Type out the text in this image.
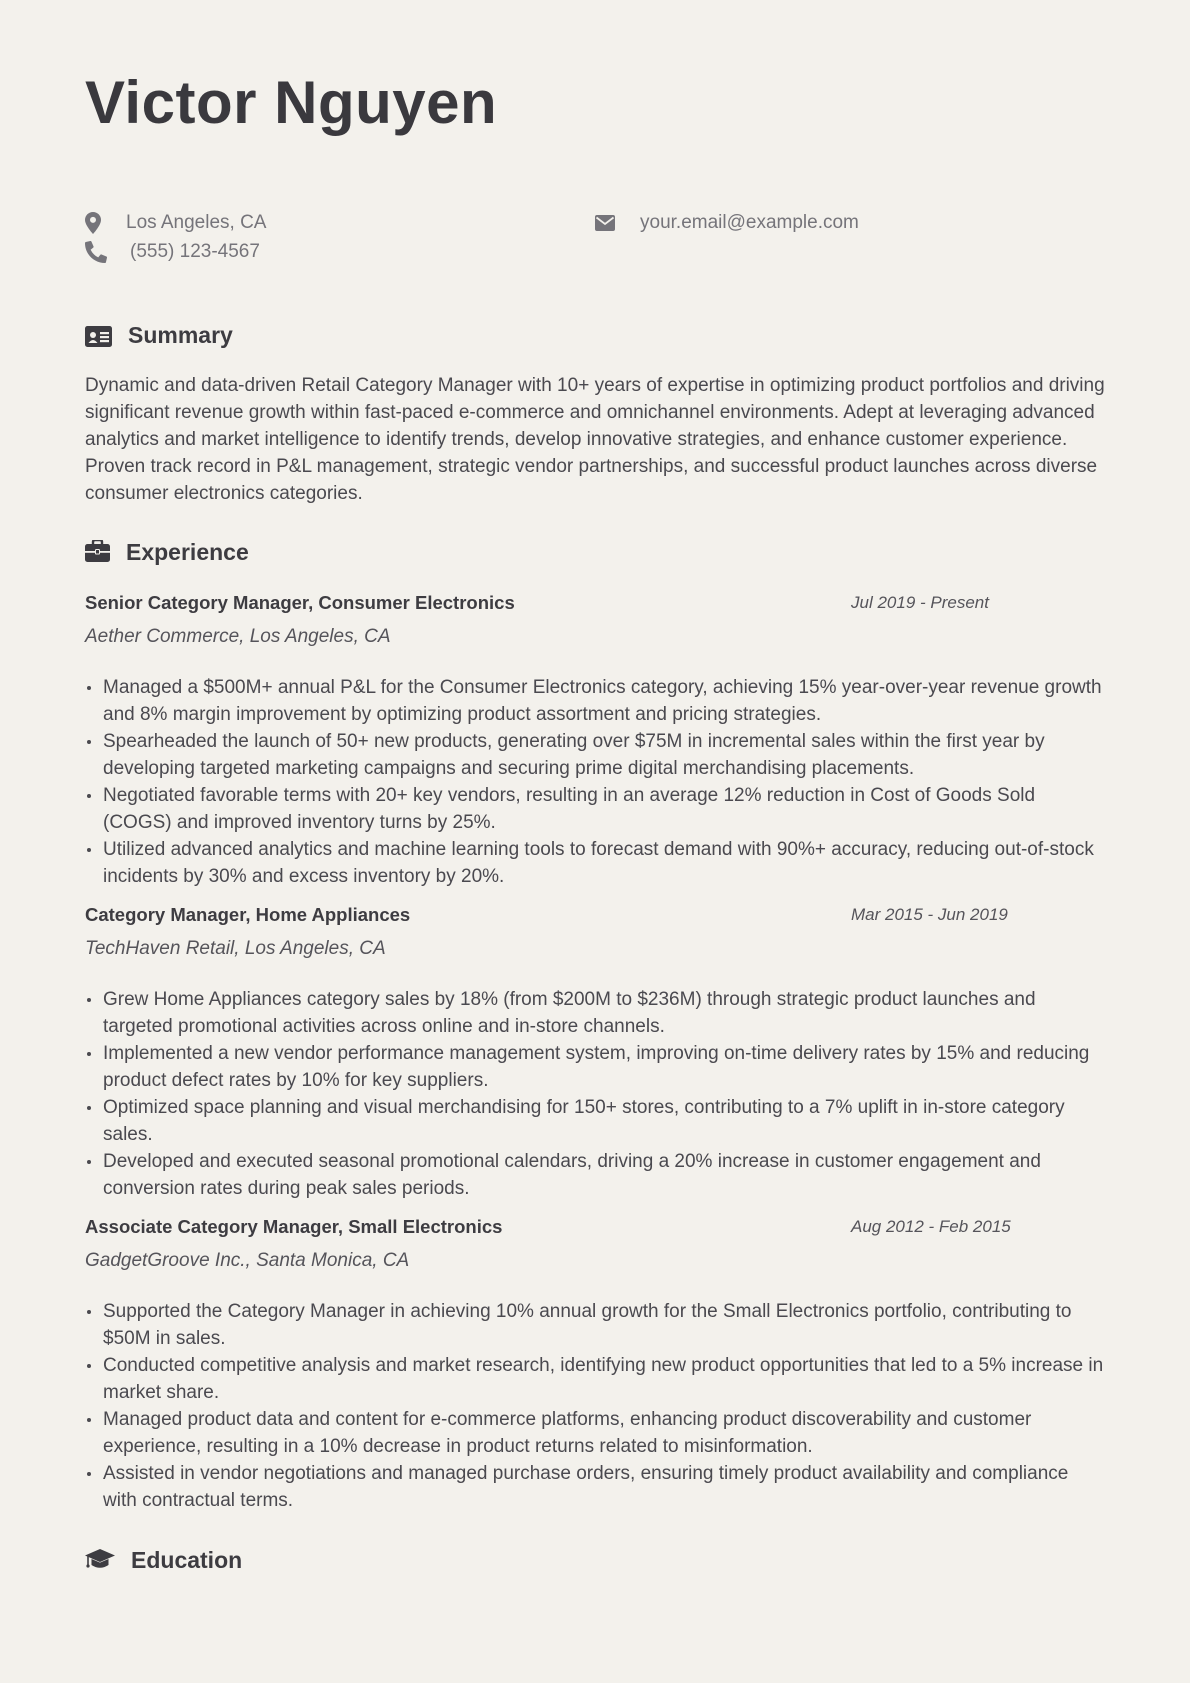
Victor Nguyen
Los Angeles, CA
(555) 123-4567
your.email@example.com
Summary
Dynamic and data-driven Retail Category Manager with 10+ years of expertise in optimizing product portfolios and driving significant revenue growth within fast-paced e-commerce and omnichannel environments. Adept at leveraging advanced analytics and market intelligence to identify trends, develop innovative strategies, and enhance customer experience. Proven track record in P&L management, strategic vendor partnerships, and successful product launches across diverse consumer electronics categories.
Experience
Senior Category Manager, Consumer Electronics	Jul 2019 - Present
Aether Commerce, Los Angeles, CA
Managed a $500M+ annual P&L for the Consumer Electronics category, achieving 15% year-over-year revenue growth and 8% margin improvement by optimizing product assortment and pricing strategies.
Spearheaded the launch of 50+ new products, generating over $75M in incremental sales within the first year by developing targeted marketing campaigns and securing prime digital merchandising placements.
Negotiated favorable terms with 20+ key vendors, resulting in an average 12% reduction in Cost of Goods Sold (COGS) and improved inventory turns by 25%.
Utilized advanced analytics and machine learning tools to forecast demand with 90%+ accuracy, reducing out-of-stock incidents by 30% and excess inventory by 20%.
Category Manager, Home Appliances	Mar 2015 - Jun 2019
TechHaven Retail, Los Angeles, CA
Grew Home Appliances category sales by 18% (from $200M to $236M) through strategic product launches and targeted promotional activities across online and in-store channels.
Implemented a new vendor performance management system, improving on-time delivery rates by 15% and reducing product defect rates by 10% for key suppliers.
Optimized space planning and visual merchandising for 150+ stores, contributing to a 7% uplift in in-store category sales.
Developed and executed seasonal promotional calendars, driving a 20% increase in customer engagement and conversion rates during peak sales periods.
Associate Category Manager, Small Electronics	Aug 2012 - Feb 2015
GadgetGroove Inc., Santa Monica, CA
Supported the Category Manager in achieving 10% annual growth for the Small Electronics portfolio, contributing to $50M in sales.
Conducted competitive analysis and market research, identifying new product opportunities that led to a 5% increase in market share.
Managed product data and content for e-commerce platforms, enhancing product discoverability and customer experience, resulting in a 10% decrease in product returns related to misinformation.
Assisted in vendor negotiations and managed purchase orders, ensuring timely product availability and compliance with contractual terms.
Education
